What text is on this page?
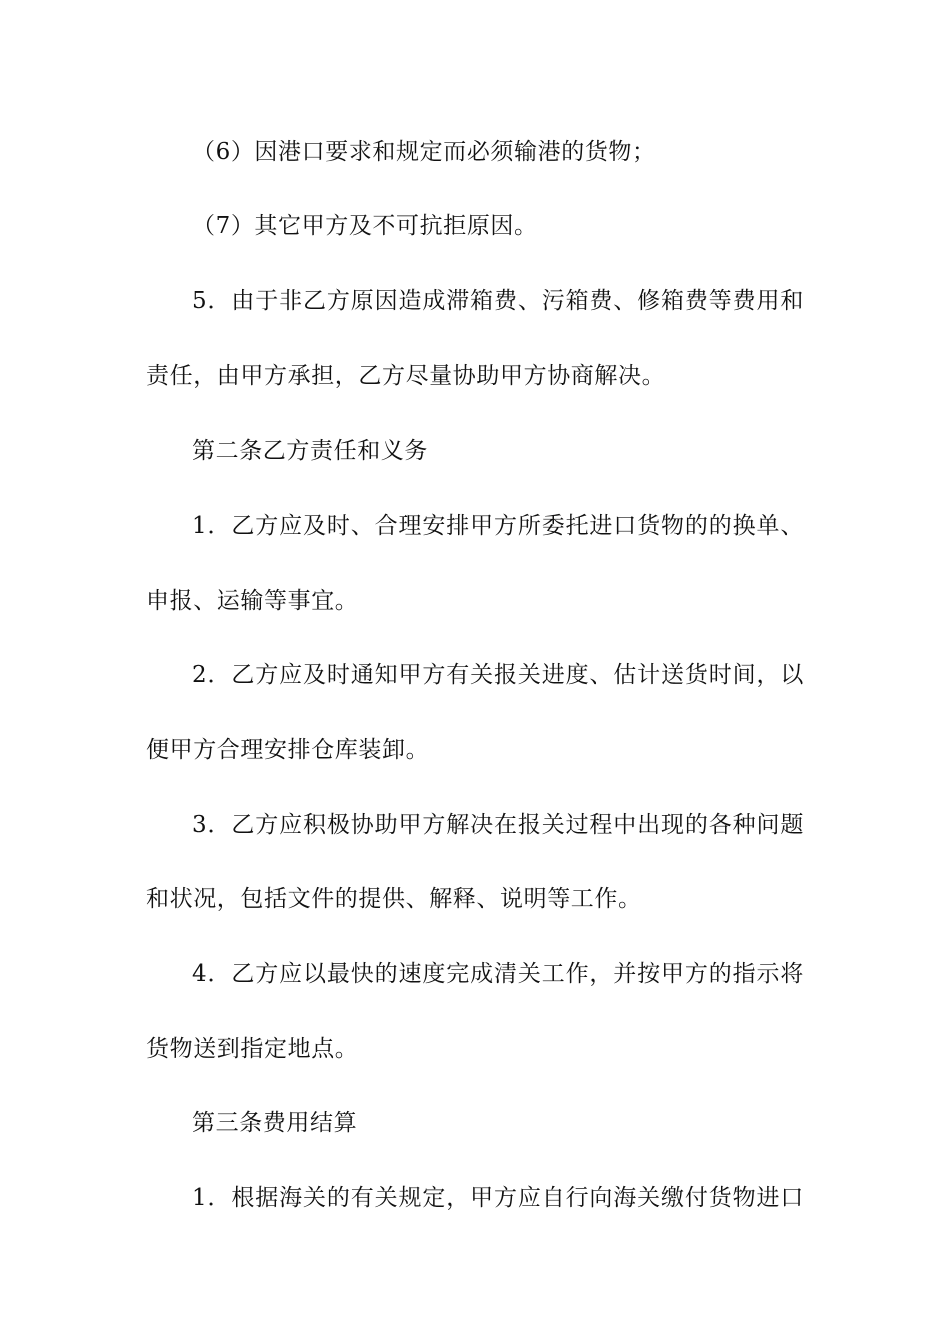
（6）因港口要求和规定而必须输港的货物；
（7）其它甲方及不可抗拒原因。
5．由于非乙方原因造成滞箱费、污箱费、修箱费等费用和
责任，由甲方承担，乙方尽量协助甲方协商解决。
第二条乙方责任和义务
1．乙方应及时、合理安排甲方所委托进口货物的的换单、
申报、运输等事宜。
2．乙方应及时通知甲方有关报关进度、估计送货时间，以
便甲方合理安排仓库装卸。
3．乙方应积极协助甲方解决在报关过程中出现的各种问题
和状况，包括文件的提供、解释、说明等工作。
4．乙方应以最快的速度完成清关工作，并按甲方的指示将
货物送到指定地点。
第三条费用结算
1．根据海关的有关规定，甲方应自行向海关缴付货物进口
